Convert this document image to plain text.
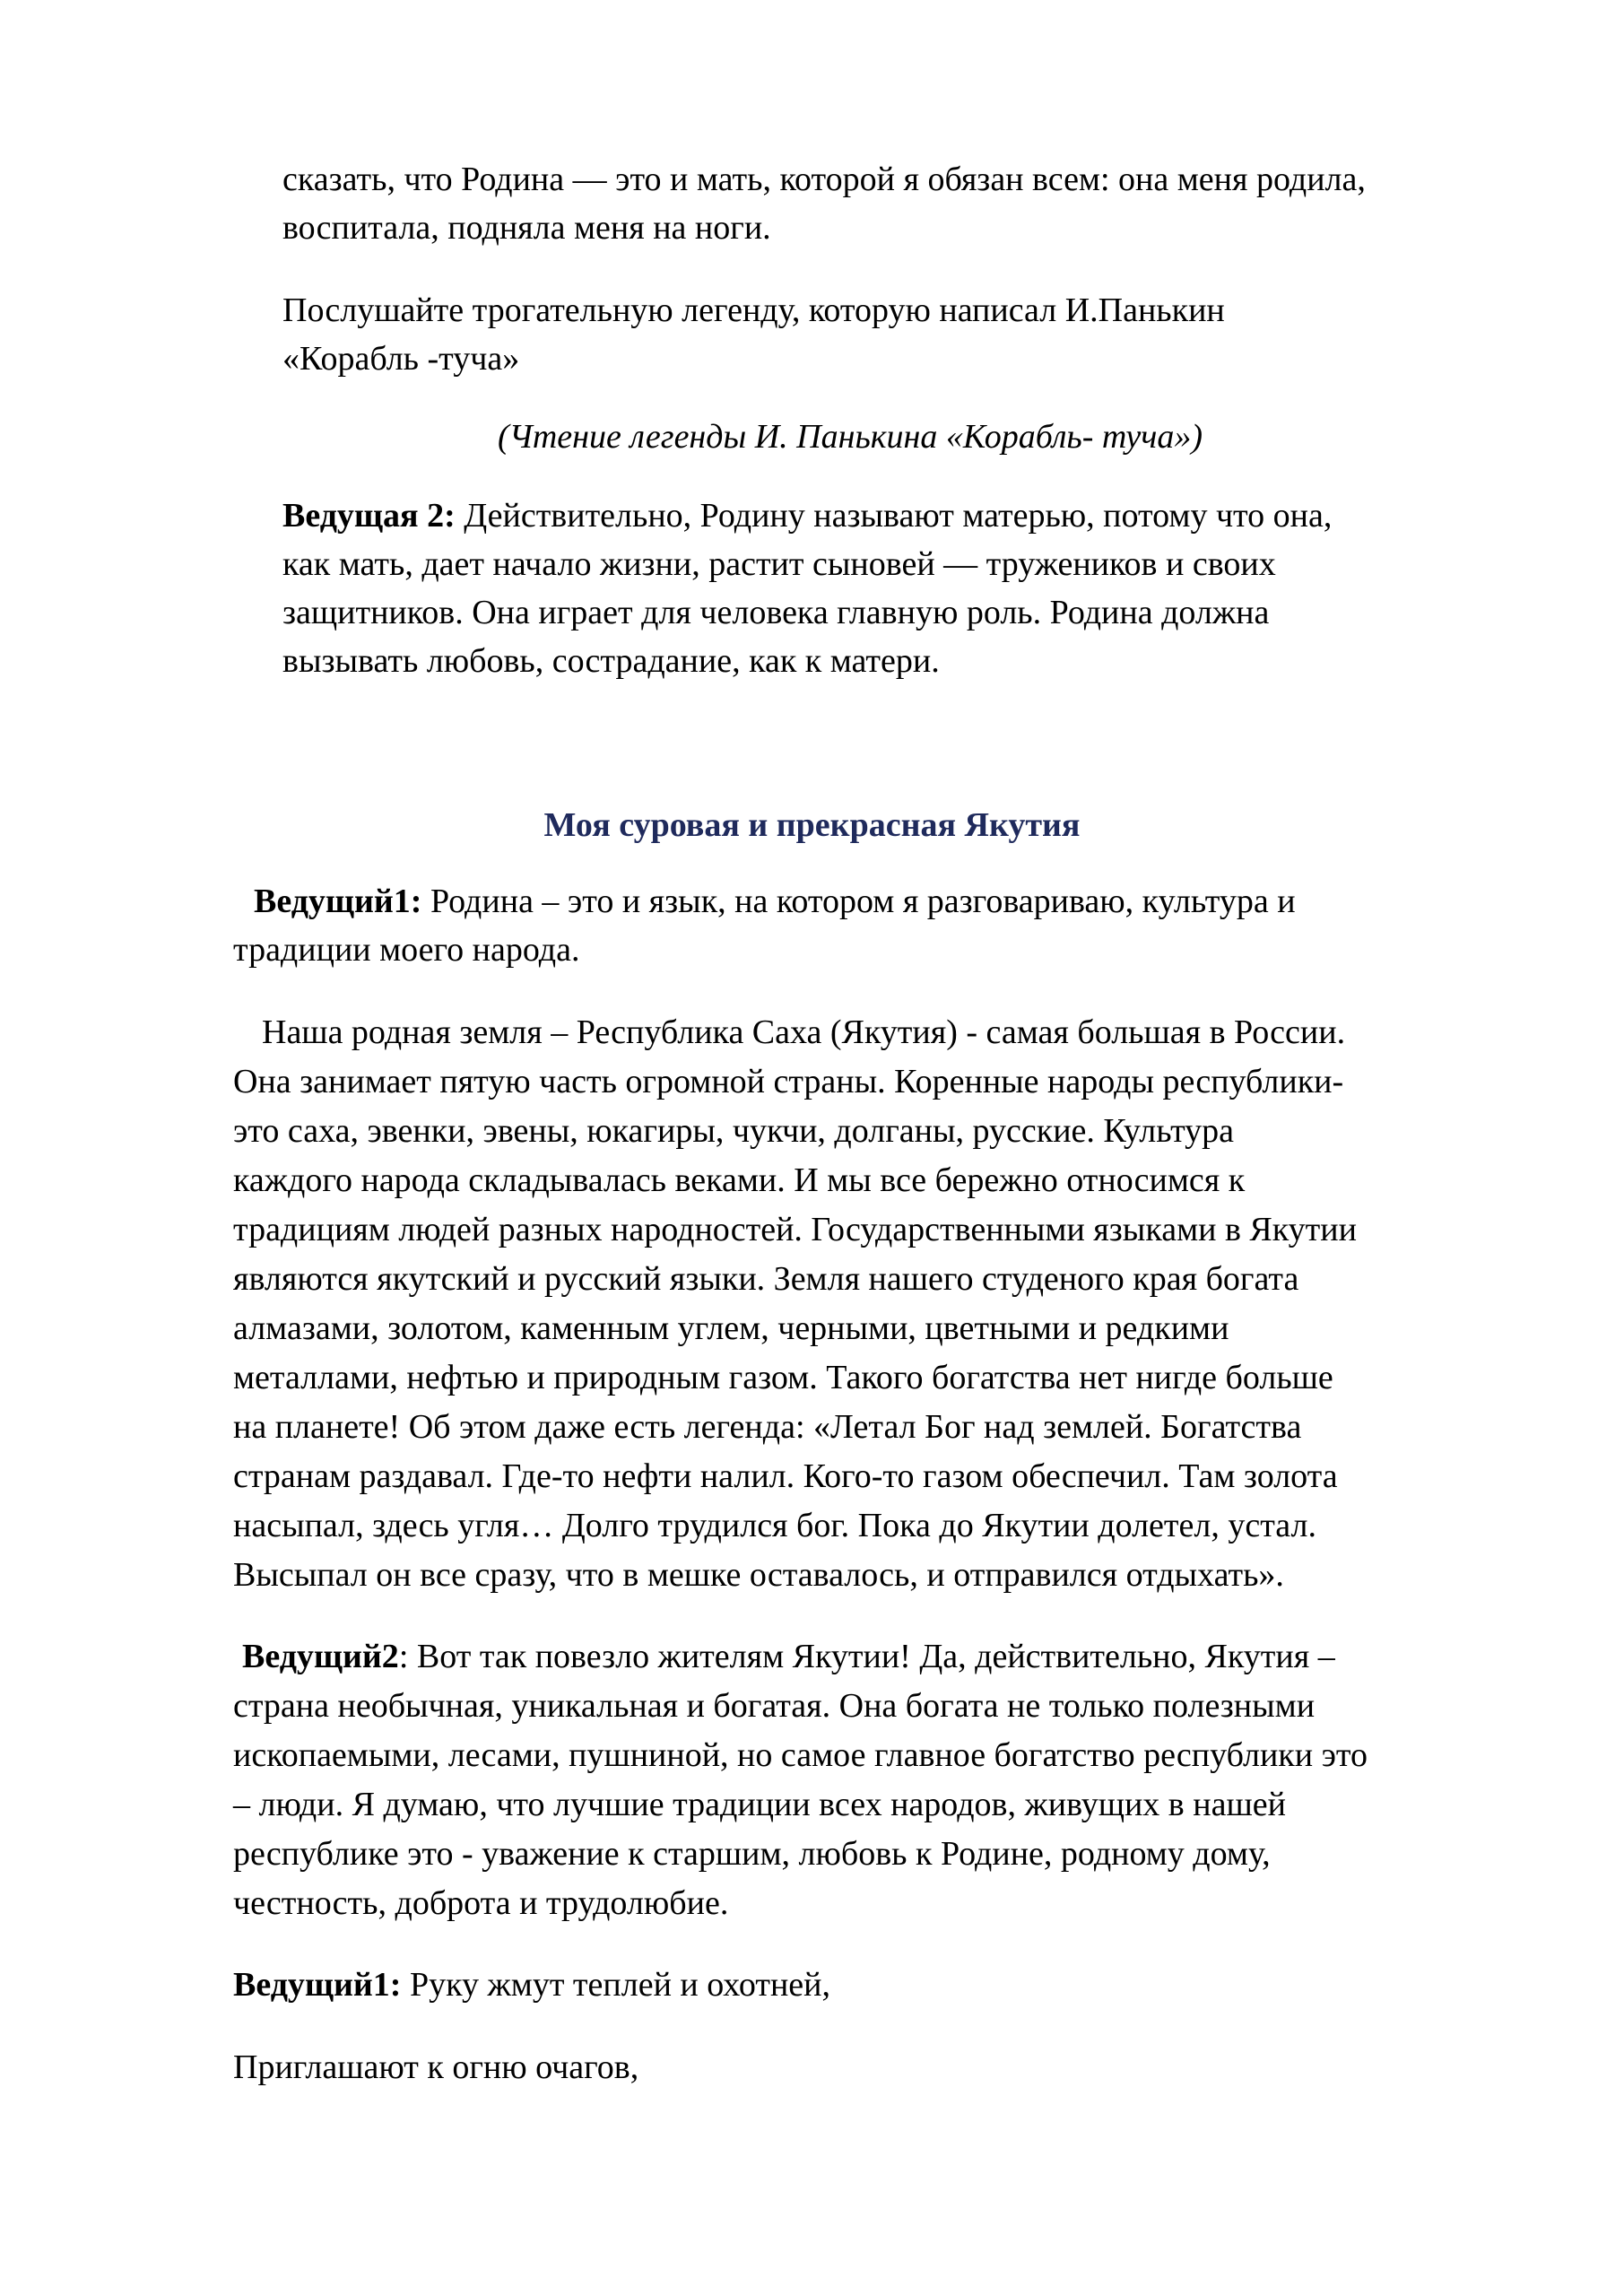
сказать, что Родина — это и мать, которой я обязан всем: она меня родила,
воспитала, подняла меня на ноги.
Послушайте трогательную легенду, которую написал И.Панькин
«Корабль -туча»
(Чтение легенды И. Панькина «Корабль- туча»)
Ведущая 2: Действительно, Родину называют матерью, потому что она,
как мать, дает начало жизни, растит сыновей — тружеников и своих
защитников. Она играет для человека главную роль. Родина должна
вызывать любовь, сострадание, как к матери.
Моя суровая и прекрасная Якутия
Ведущий1: Родина – это и язык, на котором я разговариваю, культура и
традиции моего народа.
Наша родная земля – Республика Саха (Якутия) - самая большая в России.
Она занимает пятую часть огромной страны. Коренные народы республики-
это саха, эвенки, эвены, юкагиры, чукчи, долганы, русские. Культура
каждого народа складывалась веками. И мы все бережно относимся к
традициям людей разных народностей. Государственными языками в Якутии
являются якутский и русский языки. Земля нашего студеного края богата
алмазами, золотом, каменным углем, черными, цветными и редкими
металлами, нефтью и природным газом. Такого богатства нет нигде больше
на планете! Об этом даже есть легенда: «Летал Бог над землей. Богатства
странам раздавал. Где-то нефти налил. Кого-то газом обеспечил. Там золота
насыпал, здесь угля… Долго трудился бог. Пока до Якутии долетел, устал.
Высыпал он все сразу, что в мешке оставалось, и отправился отдыхать».
Ведущий2: Вот так повезло жителям Якутии! Да, действительно, Якутия –
страна необычная, уникальная и богатая. Она богата не только полезными
ископаемыми, лесами, пушниной, но самое главное богатство республики это
– люди. Я думаю, что лучшие традиции всех народов, живущих в нашей
республике это - уважение к старшим, любовь к Родине, родному дому,
честность, доброта и трудолюбие.
Ведущий1: Руку жмут теплей и охотней,
Приглашают к огню очагов,
